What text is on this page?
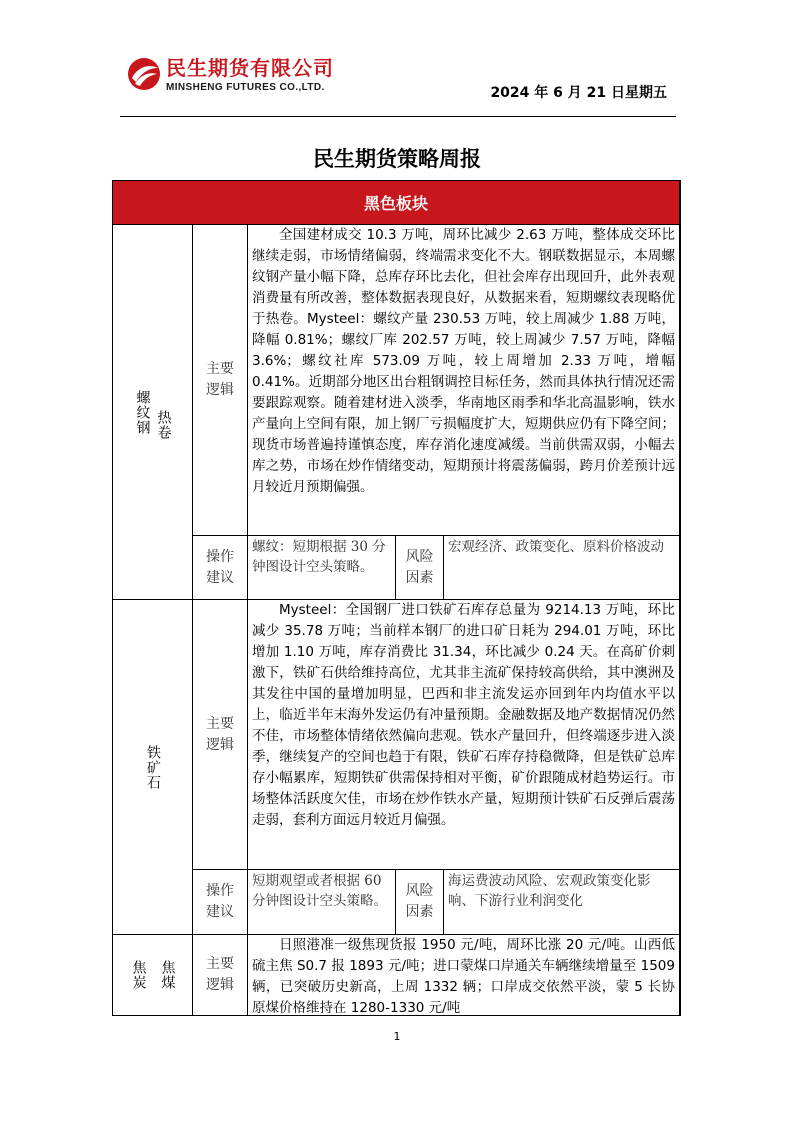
民生期货有限公司
MINSHENG FUTURES CO.,LTD.	2024 年 6 月 21 日星期五
民生期货策略周报
黑色板块
螺纹钢 热卷
主要逻辑
全国建材成交 10.3 万吨，周环比减少 2.63 万吨，整体成交环比继续走弱，市场情绪偏弱，终端需求变化不大。钢联数据显示，本周螺纹钢产量小幅下降，总库存环比去化，但社会库存出现回升，此外表观消费量有所改善，整体数据表现良好，从数据来看，短期螺纹表现略优于热卷。Mysteel：螺纹产量 230.53 万吨，较上周减少 1.88 万吨，降幅 0.81%；螺纹厂库 202.57 万吨，较上周减少 7.57 万吨，降幅 3.6%；螺纹社库 573.09 万吨，较上周增加 2.33 万吨，增幅 0.41%。近期部分地区出台粗钢调控目标任务，然而具体执行情况还需要跟踪观察。随着建材进入淡季，华南地区雨季和华北高温影响，铁水产量向上空间有限，加上钢厂亏损幅度扩大，短期供应仍有下降空间；现货市场普遍持谨慎态度，库存消化速度减缓。当前供需双弱，小幅去库之势，市场在炒作情绪变动，短期预计将震荡偏弱，跨月价差预计远月较近月预期偏强。
操作建议
螺纹：短期根据 30 分钟图设计空头策略。
风险因素
宏观经济、政策变化、原料价格波动
铁矿石
主要逻辑
Mysteel：全国钢厂进口铁矿石库存总量为 9214.13 万吨，环比减少 35.78 万吨；当前样本钢厂的进口矿日耗为 294.01 万吨，环比增加 1.10 万吨，库存消费比 31.34，环比减少 0.24 天。在高矿价刺激下，铁矿石供给维持高位，尤其非主流矿保持较高供给，其中澳洲及其发往中国的量增加明显，巴西和非主流发运亦回到年内均值水平以上，临近半年末海外发运仍有冲量预期。金融数据及地产数据情况仍然不佳，市场整体情绪依然偏向悲观。铁水产量回升，但终端逐步进入淡季，继续复产的空间也趋于有限，铁矿石库存持稳微降，但是铁矿总库存小幅累库，短期铁矿供需保持相对平衡，矿价跟随成材趋势运行。市场整体活跃度欠佳，市场在炒作铁水产量，短期预计铁矿石反弹后震荡走弱，套利方面远月较近月偏强。
操作建议
短期观望或者根据 60 分钟图设计空头策略。
风险因素
海运费波动风险、宏观政策变化影响、下游行业利润变化
焦炭 焦煤 主要逻辑
日照港准一级焦现货报 1950 元/吨，周环比涨 20 元/吨。山西低硫主焦 S0.7 报 1893 元/吨；进口蒙煤口岸通关车辆继续增量至 1509 辆，已突破历史新高，上周 1332 辆；口岸成交依然平淡，蒙 5 长协原煤价格维持在 1280-1330 元/吨
1
